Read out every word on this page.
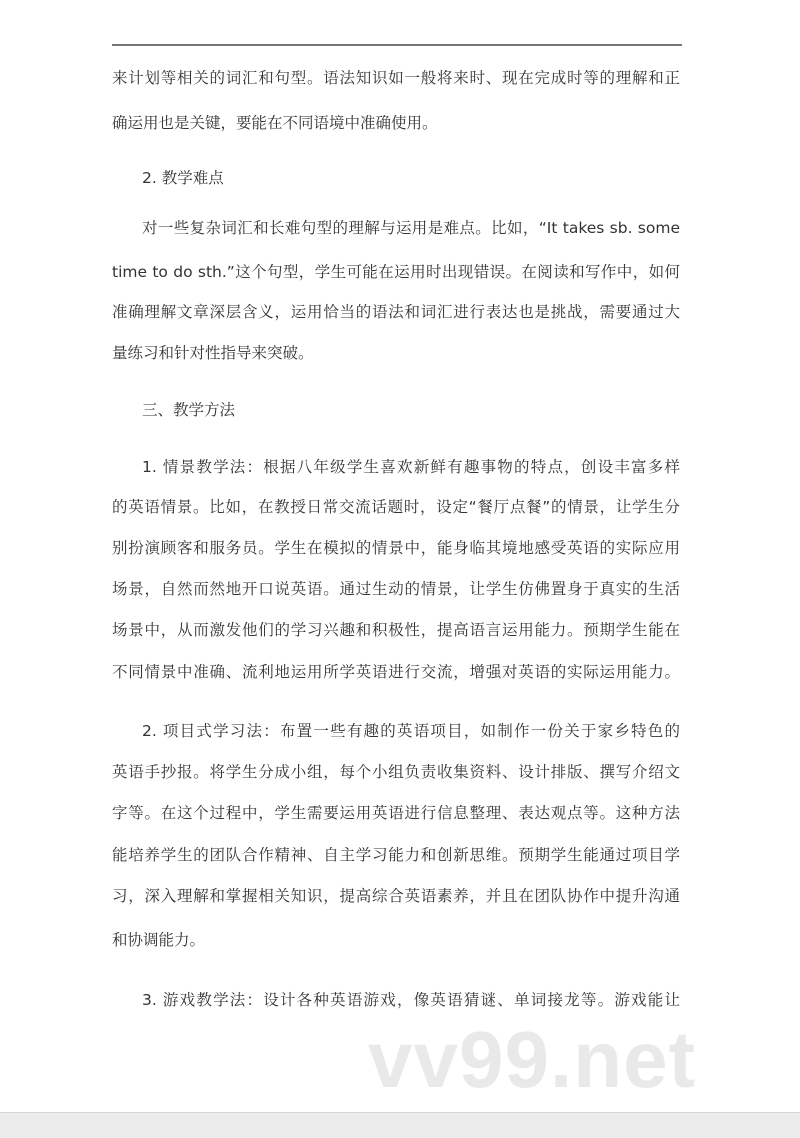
来计划等相关的词汇和句型。语法知识如一般将来时、现在完成时等的理解和正
确运用也是关键，要能在不同语境中准确使用。
2. 教学难点
对一些复杂词汇和长难句型的理解与运用是难点。比如，“It takes sb. some
time to do sth.”这个句型，学生可能在运用时出现错误。在阅读和写作中，如何
准确理解文章深层含义，运用恰当的语法和词汇进行表达也是挑战，需要通过大
量练习和针对性指导来突破。
三、教学方法
1. 情景教学法：根据八年级学生喜欢新鲜有趣事物的特点，创设丰富多样
的英语情景。比如，在教授日常交流话题时，设定“餐厅点餐”的情景，让学生分
别扮演顾客和服务员。学生在模拟的情景中，能身临其境地感受英语的实际应用
场景，自然而然地开口说英语。通过生动的情景，让学生仿佛置身于真实的生活
场景中，从而激发他们的学习兴趣和积极性，提高语言运用能力。预期学生能在
不同情景中准确、流利地运用所学英语进行交流，增强对英语的实际运用能力。
2. 项目式学习法：布置一些有趣的英语项目，如制作一份关于家乡特色的
英语手抄报。将学生分成小组，每个小组负责收集资料、设计排版、撰写介绍文
字等。在这个过程中，学生需要运用英语进行信息整理、表达观点等。这种方法
能培养学生的团队合作精神、自主学习能力和创新思维。预期学生能通过项目学
习，深入理解和掌握相关知识，提高综合英语素养，并且在团队协作中提升沟通
和协调能力。
3. 游戏教学法：设计各种英语游戏，像英语猜谜、单词接龙等。游戏能让
vv99.net
